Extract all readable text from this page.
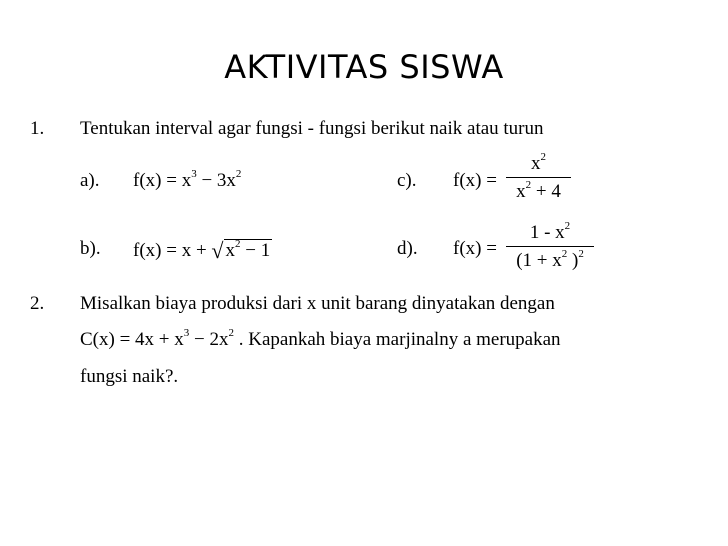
AKTIVITAS SISWA
1. Tentukan interval agar fungsi - fungsi berikut naik atau turun
a). $f(x) = x^3 - 3x^2$	c). $f(x) = \frac{x^2}{x^2 + 4}$
b). f(x) = x + √ $x^2 - 1$	d). $f(x) = \frac{1 - x^2}{(1 + x^2 )^2}$
2. Misalkan biaya produksi dari x unit barang dinyatakan dengan
$C(x) = 4x + x^3 - 2x^2$ . Kapankah biaya marjinalny a merupakan
fungsi naik?.
